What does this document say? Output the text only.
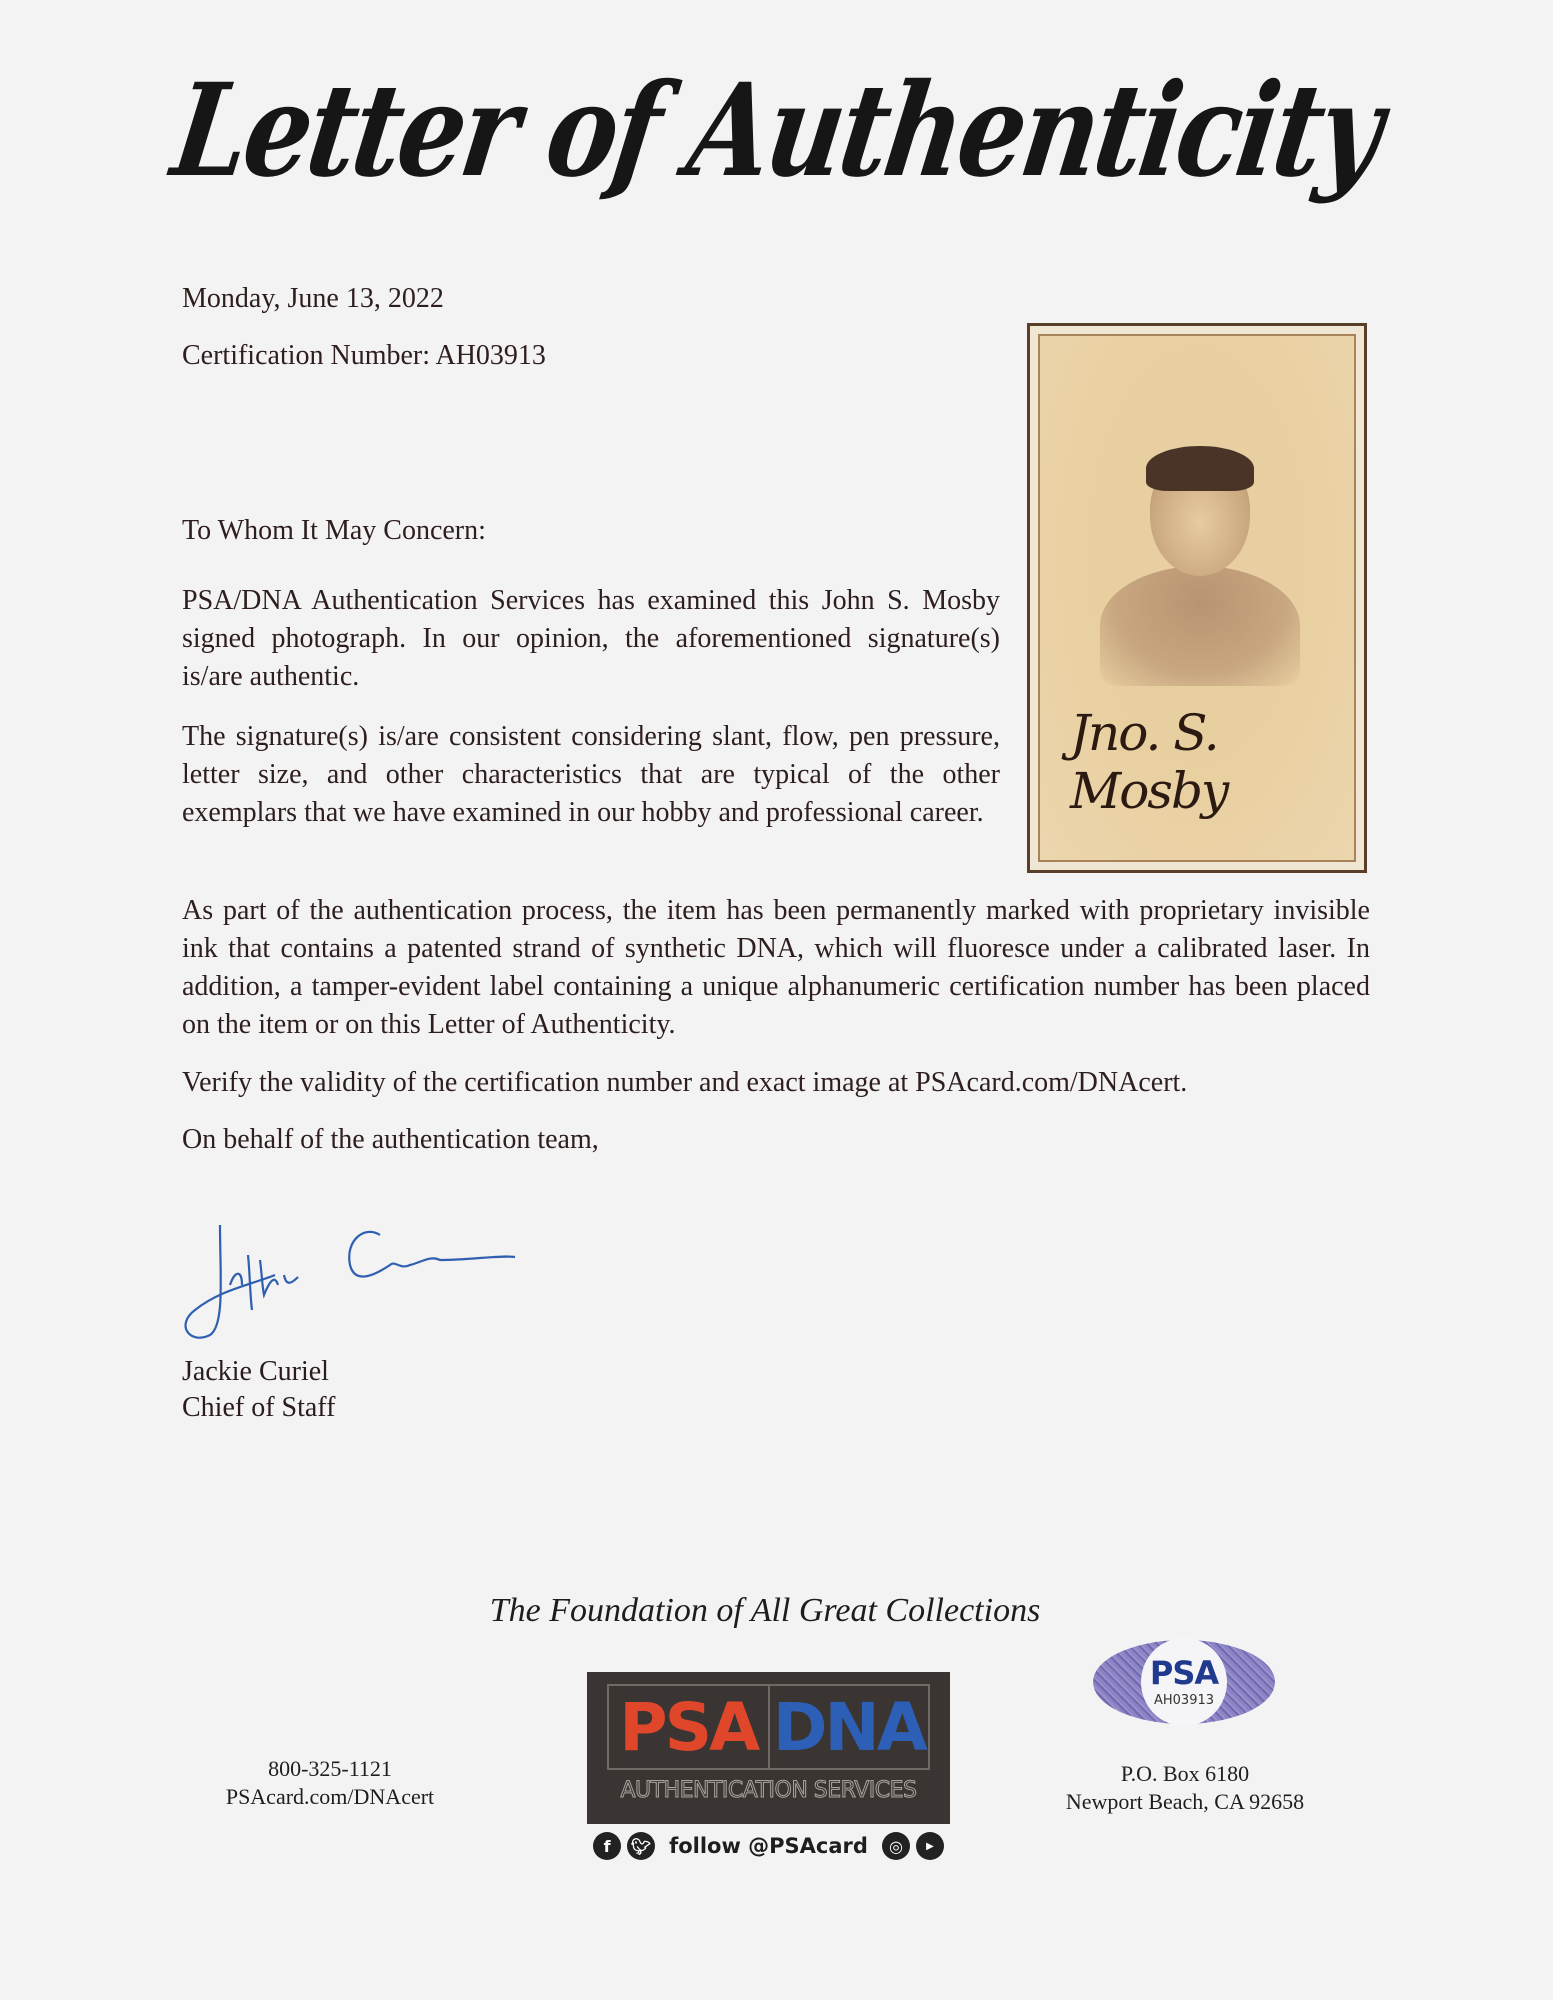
Letter of Authenticity
Monday, June 13, 2022
Certification Number: AH03913
Jno. S. Mosby
To Whom It May Concern:
PSA/DNA Authentication Services has examined this John S. Mosby signed photograph. In our opinion, the aforementioned signature(s) is/are authentic.
The signature(s) is/are consistent considering slant, flow, pen pressure, letter size, and other characteristics that are typical of the other exemplars that we have examined in our hobby and professional career.
As part of the authentication process, the item has been permanently marked with proprietary invisible ink that contains a patented strand of synthetic DNA, which will fluoresce under a calibrated laser. In addition, a tamper-evident label containing a unique alphanumeric certification number has been placed on the item or on this Letter of Authenticity.
Verify the validity of the certification number and exact image at PSAcard.com/DNAcert.
On behalf of the authentication team,
Jackie Curiel
Chief of Staff
The Foundation of All Great Collections
800-325-1121
PSAcard.com/DNAcert
PSA DNA
AUTHENTICATION SERVICES
f	🐦︎ follow @PSAcard	◎	▶
PSA
AH03913
P.O. Box 6180
Newport Beach, CA 92658
